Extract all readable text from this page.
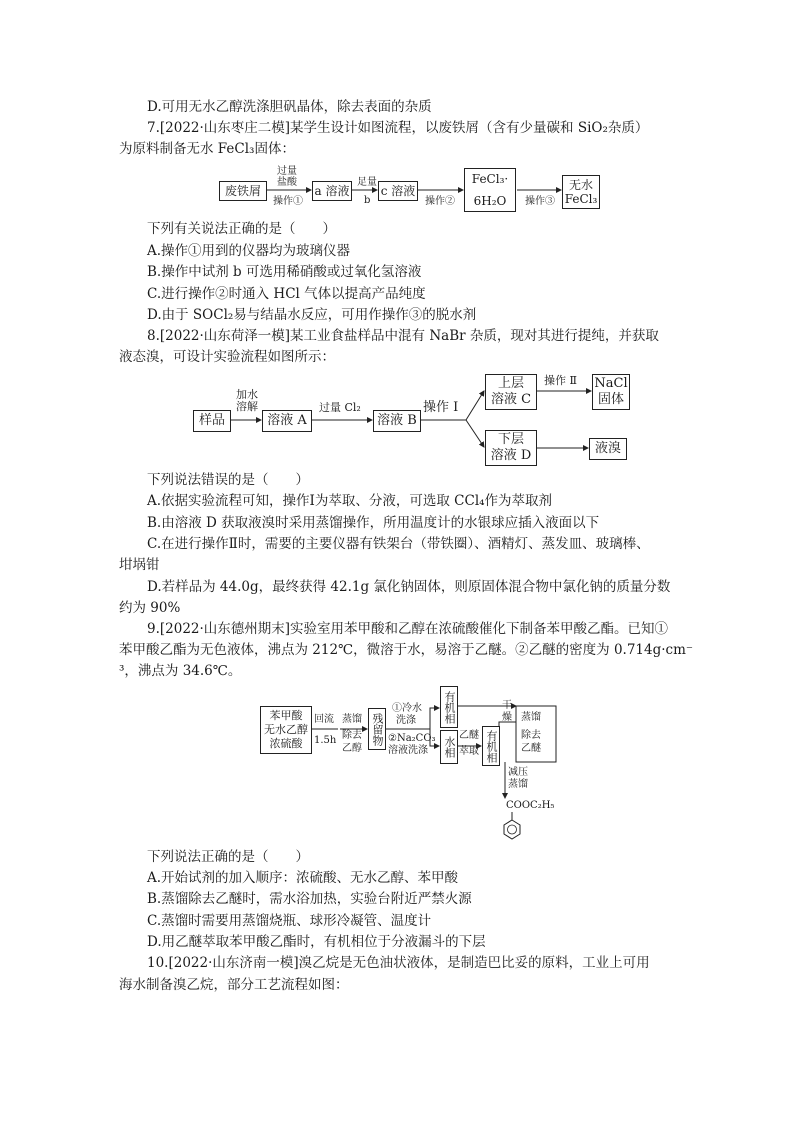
D.可用无水乙醇洗涤胆矾晶体，除去表面的杂质
7.[2022·山东枣庄二模]某学生设计如图流程，以废铁屑（含有少量碳和 SiO₂杂质）
为原料制备无水 FeCl₃固体：
废铁屑
过量
盐酸
操作①
a 溶液
足量
b
c 溶液
操作②
FeCl₃·
6H₂O 操作③
无水
FeCl₃
下列有关说法正确的是（　　）
A.操作①用到的仪器均为玻璃仪器
B.操作中试剂 b 可选用稀硝酸或过氧化氢溶液
C.进行操作②时通入 HCl 气体以提高产品纯度
D.由于 SOCl₂易与结晶水反应，可用作操作③的脱水剂
8.[2022·山东荷泽一模]某工业食盐样品中混有 NaBr 杂质，现对其进行提纯，并获取
液态溴，可设计实验流程如图所示：
样品
加水
溶解
溶液 A
过量 Cl₂
溶液 B
操作 Ⅰ
上层
溶液 C
操作 Ⅱ NaCl
固体
下层
溶液 D	液溴
下列说法错误的是（　　）
A.依据实验流程可知，操作Ⅰ为萃取、分液，可选取 CCl₄作为萃取剂
B.由溶液 D 获取液溴时采用蒸馏操作，所用温度计的水银球应插入液面以下
C.在进行操作Ⅱ时，需要的主要仪器有铁架台（带铁圈）、酒精灯、蒸发皿、玻璃棒、
坩埚钳
D.若样品为 44.0g，最终获得 42.1g 氯化钠固体，则原固体混合物中氯化钠的质量分数
约为 90%
9.[2022·山东德州期末]实验室用苯甲酸和乙醇在浓硫酸催化下制备苯甲酸乙酯。已知①
苯甲酸乙酯为无色液体，沸点为 212℃，微溶于水，易溶于乙醚。②乙醚的密度为 0.714g·cm⁻
³，沸点为 34.6℃。
苯甲酸
无水乙醇
浓硫酸
回流
1.5h
蒸馏
除去
乙醇
残留物
①冷水
洗涤
②Na₂CO₃
溶液洗涤
有机相
水相
乙醚
萃取 有机相
干
燥 蒸馏
除去
乙醚
减压
蒸馏
COOC₂H₅
下列说法正确的是（　　）
A.开始试剂的加入顺序：浓硫酸、无水乙醇、苯甲酸
B.蒸馏除去乙醚时，需水浴加热，实验台附近严禁火源
C.蒸馏时需要用蒸馏烧瓶、球形冷凝管、温度计
D.用乙醚萃取苯甲酸乙酯时，有机相位于分液漏斗的下层
10.[2022·山东济南一模]溴乙烷是无色油状液体，是制造巴比妥的原料，工业上可用
海水制备溴乙烷，部分工艺流程如图：
